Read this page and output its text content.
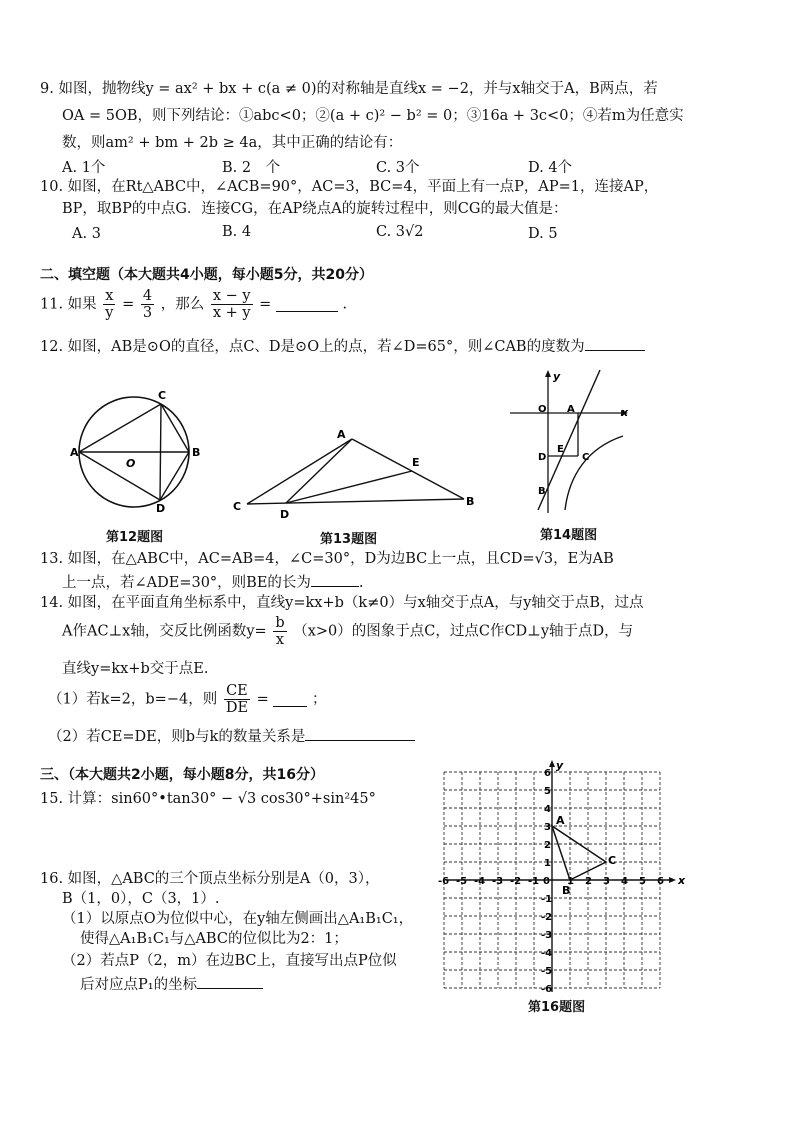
9. 如图，抛物线y = ax² + bx + c(a ≠ 0)的对称轴是直线x = −2，并与x轴交于A，B两点，若
OA = 5OB，则下列结论：①abc<0；②(a + c)² − b² = 0；③16a + 3c<0；④若m为任意实
数，则am² + bm + 2b ≥ 4a，其中正确的结论有：
A. 1个	B. 2　个	C. 3个	D. 4个
10. 如图，在Rt△ABC中，∠ACB=90°，AC=3，BC=4，平面上有一点P，AP=1，连接AP，
BP，取BP的中点G．连接CG，在AP绕点A的旋转过程中，则CG的最大值是：
A. 3	B. 4	C. 3√2	D. 5
二、填空题（本大题共4小题，每小题5分，共20分）
11. 如果 $\frac{x}{y} = \frac{4}{3}$ ，那么 $\frac{x - y}{x + y}$ =	.
12. 如图，AB是⊙O的直径，点C、D是⊙O上的点，若∠D=65°，则∠CAB的度数为
A	B
C
D
O
第12题图
A
B
C
D
E
第13题图
y
x
O A
E
D	C
B
第14题图
13. 如图，在△ABC中，AC=AB=4，∠C=30°，D为边BC上一点，且CD=√3，E为AB
上一点，若∠ADE=30°，则BE的长为	.
14. 如图，在平面直角坐标系中，直线y=kx+b（k≠0）与x轴交于点A，与y轴交于点B，过点
A作AC⊥x轴，交反比例函数$y= \frac{b}{x} (x>0)$的图象于点C，过点C作CD⊥y轴于点D，与
直线y=kx+b交于点E.
（1）若k=2，b=−4，则 $\frac{CE}{DE}$ =	；
（2）若CE=DE，则b与k的数量关系是
三、（本大题共2小题，每小题8分，共16分）
15. 计算：sin60°•tan30° − √3 cos30°+sin²45°
16. 如图，△ABC的三个顶点坐标分别是A（0，3），
B（1，0），C（3，1）.
（1）以原点O为位似中心，在y轴左侧画出△A₁B₁C₁，
使得△A₁B₁C₁与△ABC的位似比为2：1；
（2）若点P（2，m）在边BC上，直接写出点P位似
后对应点P₁的坐标
-6 -5 -4 -3 -2 -1 0 1 2 3 4 5 6
6
5
4
3
2
1
-1
-2
-3
-4
-5
-6
x
y
A
B
C
第16题图
